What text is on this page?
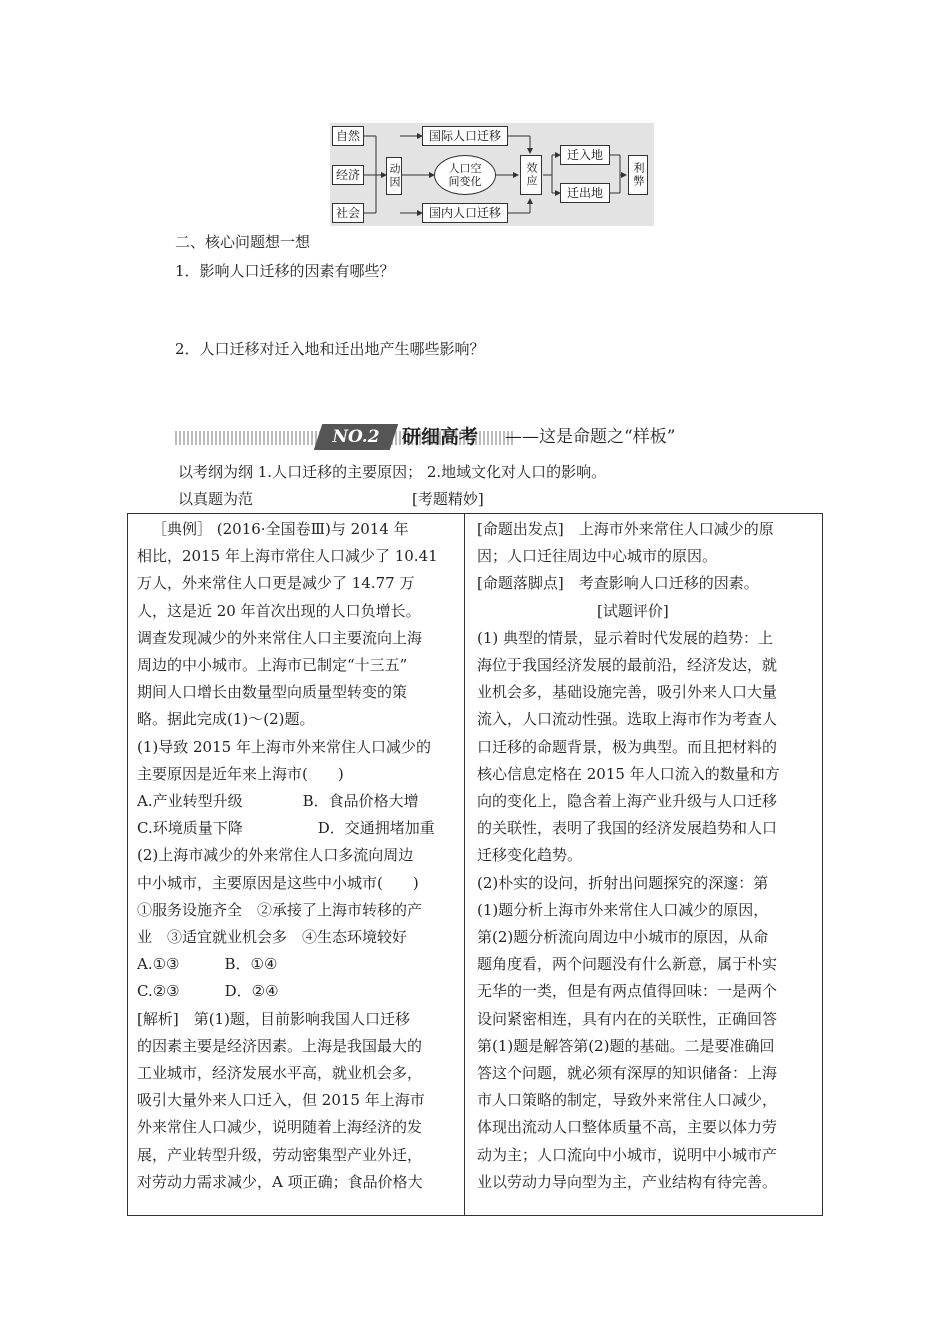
自然
经济
社会
动因
国际人口迁移
国内人口迁移
人口空
间变化	效应
迁入地
迁出地
利弊
二、核心问题想一想
1．影响人口迁移的因素有哪些？
2．人口迁移对迁入地和迁出地产生哪些影响？
NO.2	研细高考 ——这是命题之“样板”
以考纲为纲 1.人口迁移的主要原因； 2.地域文化对人口的影响。
以真题为范	[考题精妙]
［典例］ (2016·全国卷Ⅲ)与 2014 年
相比，2015 年上海市常住人口减少了 10.41
万人，外来常住人口更是减少了 14.77 万
人，这是近 20 年首次出现的人口负增长。
调查发现减少的外来常住人口主要流向上海
周边的中小城市。上海市已制定“十三五”
期间人口增长由数量型向质量型转变的策
略。据此完成(1)～(2)题。
(1)导致 2015 年上海市外来常住人口减少的
主要原因是近年来上海市(　　)
A.产业转型升级　　　　B．食品价格大增
C.环境质量下降　　　　　D．交通拥堵加重
(2)上海市减少的外来常住人口多流向周边
中小城市，主要原因是这些中小城市(　　)
①服务设施齐全　②承接了上海市转移的产
业　③适宜就业机会多　④生态环境较好
A.①③　　　B．①④
C.②③　　　D．②④
[解析]　第(1)题，目前影响我国人口迁移
的因素主要是经济因素。上海是我国最大的
工业城市，经济发展水平高，就业机会多，
吸引大量外来人口迁入，但 2015 年上海市
外来常住人口减少，说明随着上海经济的发
展，产业转型升级，劳动密集型产业外迁，
对劳动力需求减少，A 项正确；食品价格大
[命题出发点]　上海市外来常住人口减少的原
因；人口迁往周边中心城市的原因。
[命题落脚点]　考查影响人口迁移的因素。
　　　　　　　　[试题评价]
(1) 典型的情景，显示着时代发展的趋势：上
海位于我国经济发展的最前沿，经济发达，就
业机会多，基础设施完善，吸引外来人口大量
流入，人口流动性强。选取上海市作为考查人
口迁移的命题背景，极为典型。而且把材料的
核心信息定格在 2015 年人口流入的数量和方
向的变化上，隐含着上海产业升级与人口迁移
的关联性，表明了我国的经济发展趋势和人口
迁移变化趋势。
(2)朴实的设问，折射出问题探究的深邃：第
(1)题分析上海市外来常住人口减少的原因，
第(2)题分析流向周边中小城市的原因，从命
题角度看，两个问题没有什么新意，属于朴实
无华的一类，但是有两点值得回味：一是两个
设问紧密相连，具有内在的关联性，正确回答
第(1)题是解答第(2)题的基础。二是要准确回
答这个问题，就必须有深厚的知识储备：上海
市人口策略的制定，导致外来常住人口减少，
体现出流动人口整体质量不高，主要以体力劳
动为主；人口流向中小城市，说明中小城市产
业以劳动力导向型为主，产业结构有待完善。
